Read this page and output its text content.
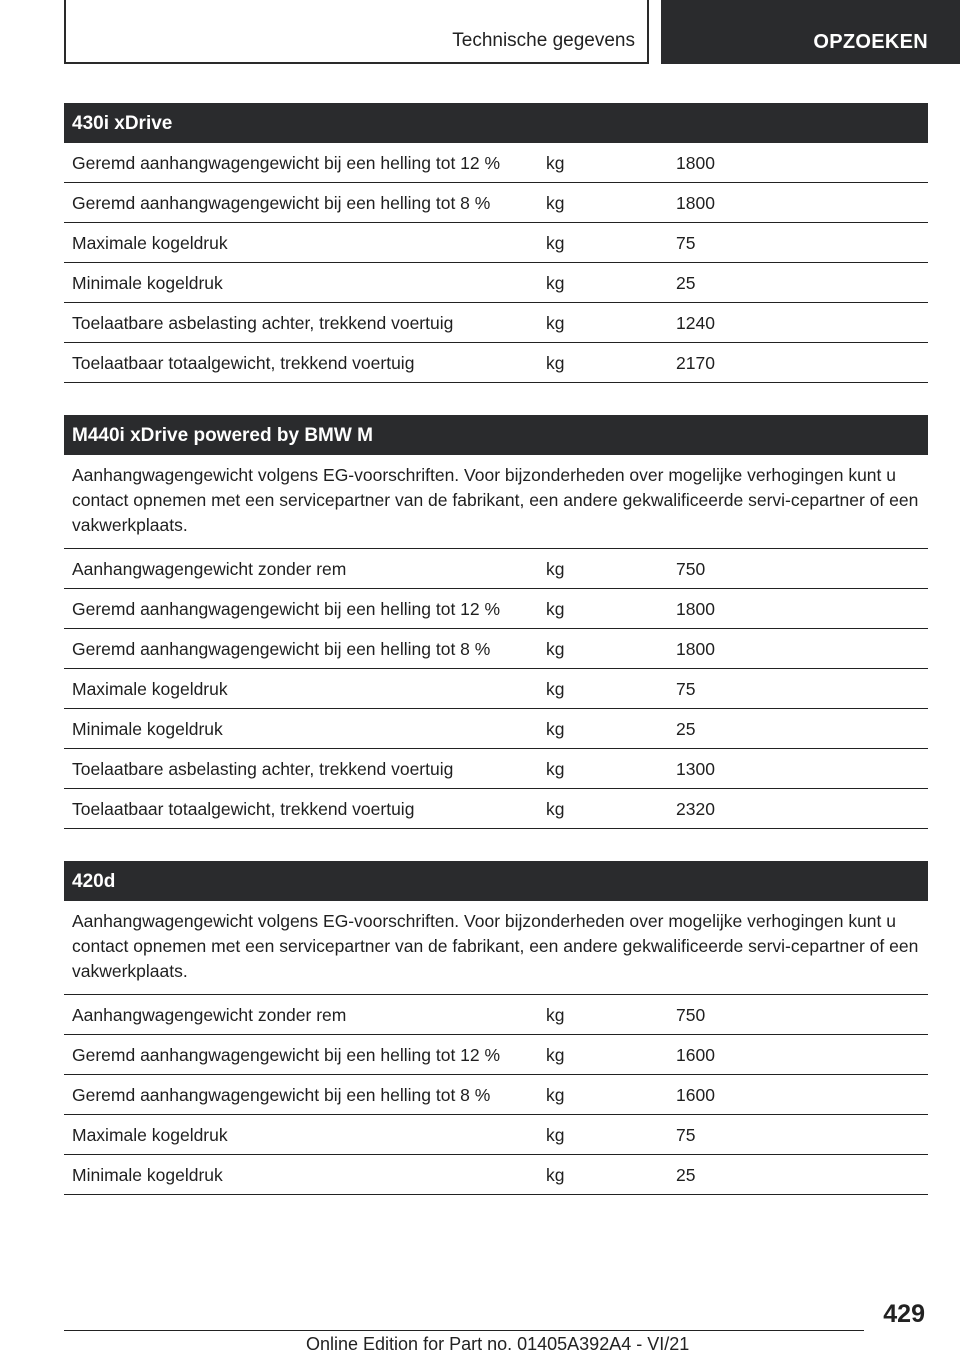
Technische gegevens	OPZOEKEN
430i xDrive
Geremd aanhangwagengewicht bij een helling tot 12 %	kg	1800
Geremd aanhangwagengewicht bij een helling tot 8 %	kg	1800
Maximale kogeldruk	kg	75
Minimale kogeldruk	kg	25
Toelaatbare asbelasting achter, trekkend voertuig	kg	1240
Toelaatbaar totaalgewicht, trekkend voertuig	kg	2170
M440i xDrive powered by BMW M
Aanhangwagengewicht volgens EG-voorschriften. Voor bijzonderheden over mogelijke verhogingen kunt u contact opnemen met een servicepartner van de fabrikant, een andere gekwalificeerde servi-cepartner of een vakwerkplaats.
Aanhangwagengewicht zonder rem	kg	750
Geremd aanhangwagengewicht bij een helling tot 12 %	kg	1800
Geremd aanhangwagengewicht bij een helling tot 8 %	kg	1800
Maximale kogeldruk	kg	75
Minimale kogeldruk	kg	25
Toelaatbare asbelasting achter, trekkend voertuig	kg	1300
Toelaatbaar totaalgewicht, trekkend voertuig	kg	2320
420d
Aanhangwagengewicht volgens EG-voorschriften. Voor bijzonderheden over mogelijke verhogingen kunt u contact opnemen met een servicepartner van de fabrikant, een andere gekwalificeerde servi-cepartner of een vakwerkplaats.
Aanhangwagengewicht zonder rem	kg	750
Geremd aanhangwagengewicht bij een helling tot 12 %	kg	1600
Geremd aanhangwagengewicht bij een helling tot 8 %	kg	1600
Maximale kogeldruk	kg	75
Minimale kogeldruk	kg	25
429
Online Edition for Part no. 01405A392A4 - VI/21
